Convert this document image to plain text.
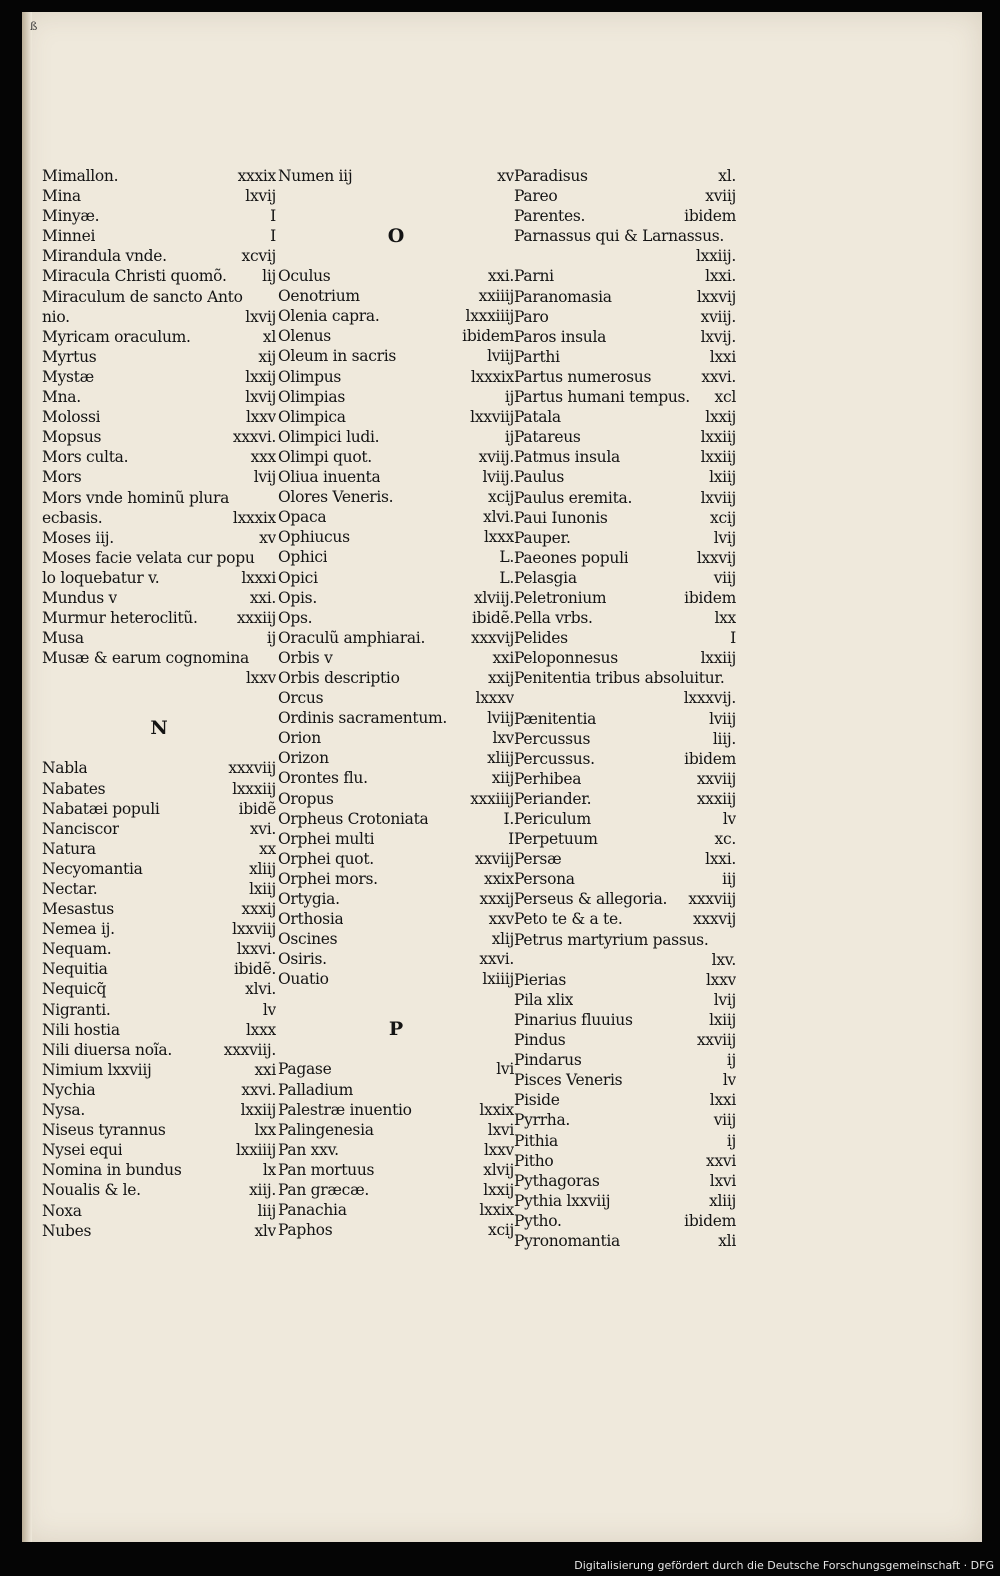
ß
Mimallon.	xxxix
Mina	lxvij
Minyæ.	I
Minnei	I
Mirandula vnde.	xcvij
Miracula Christi quomõ. lij
Miraculum de sancto Anto
nio.	lxvij
Myricam oraculum.	xl
Myrtus	xij
Mystæ	lxxij
Mna.	lxvij
Molossi	lxxv
Mopsus	xxxvi.
Mors culta.	xxx
Mors	lvij
Mors vnde hominũ plura
ecbasis.	lxxxix
Moses iij.	xv
Moses facie velata cur popu
lo loquebatur v.	lxxxi
Mundus v	xxi.
Murmur heteroclitũ.	xxxiij
Musa	ij
Musæ & earum cognomina
lxxv
N
Nabla	xxxviij
Nabates	lxxxiij
Nabatæi populi	ibidẽ
Nanciscor	xvi.
Natura	xx
Necyomantia	xliij
Nectar.	lxiij
Mesastus	xxxij
Nemea ij.	lxxviij
Nequam.	lxxvi.
Nequitia	ibidẽ.
Nequicq̃	xlvi.
Nigranti.	lv
Nili hostia	lxxx
Nili diuersa noĩa.	xxxviij.
Nimium lxxviij	xxi
Nychia	xxvi.
Nysa.	lxxiij
Niseus tyrannus	lxx
Nysei equi	lxxiiij
Nomina in bundus	lx
Noualis & le.	xiij.
Noxa	liij
Nubes	xlv
Numen iij	xv
O
Oculus	xxi.
Oenotrium	xxiiij
Olenia capra.	lxxxiiij
Olenus	ibidem
Oleum in sacris	lviij
Olimpus	lxxxix
Olimpias	ij
Olimpica	lxxviij
Olimpici ludi.	ij
Olimpi quot.	xviij.
Oliua inuenta	lviij.
Olores Veneris.	xcij
Opaca	xlvi.
Ophiucus	lxxx
Ophici	L.
Opici	L.
Opis.	xlviij.
Ops.	ibidẽ.
Oraculũ amphiarai.	xxxvij
Orbis v	xxi
Orbis descriptio	xxij
Orcus	lxxxv
Ordinis sacramentum.	lviij
Orion	lxv
Orizon	xliij
Orontes flu.	xiij
Oropus	xxxiiij
Orpheus Crotoniata	I.
Orphei multi	I
Orphei quot.	xxviij
Orphei mors.	xxix
Ortygia.	xxxij
Orthosia	xxv
Oscines	xlij
Osiris.	xxvi.
Ouatio	lxiiij
P
Pagase	lvi
Palladium
Palestræ inuentio	lxxix
Palingenesia	lxvi
Pan xxv.	lxxv
Pan mortuus	xlvij
Pan græcæ.	lxxij
Panachia	lxxix
Paphos	xcij
Paradisus	xl.
Pareo	xviij
Parentes.	ibidem
Parnassus qui & Larnassus.
lxxiij.
Parni	lxxi.
Paranomasia	lxxvij
Paro	xviij.
Paros insula	lxvij.
Parthi	lxxi
Partus numerosus	xxvi.
Partus humani tempus. xcl
Patala	lxxij
Patareus	lxxiij
Patmus insula	lxxiij
Paulus	lxiij
Paulus eremita.	lxviij
Paui Iunonis	xcij
Pauper.	lvij
Paeones populi	lxxvij
Pelasgia	viij
Peletronium	ibidem
Pella vrbs.	lxx
Pelides	I
Peloponnesus	lxxiij
Penitentia tribus absoluitur.
lxxxvij.
Pænitentia	lviij
Percussus	liij.
Percussus.	ibidem
Perhibea	xxviij
Periander.	xxxiij
Periculum	lv
Perpetuum	xc.
Persæ	lxxi.
Persona	iij
Perseus & allegoria. xxxviij
Peto te & a te.	xxxvij
Petrus martyrium passus.
lxv.
Pierias	lxxv
Pila xlix	lvij
Pinarius fluuius	lxiij
Pindus	xxviij
Pindarus	ij
Pisces Veneris	lv
Piside	lxxi
Pyrrha.	viij
Pithia	ij
Pitho	xxvi
Pythagoras	lxvi
Pythia lxxviij	xliij
Pytho.	ibidem
Pyronomantia	xli
Digitalisierung gefördert durch die Deutsche Forschungsgemeinschaft · DFG
